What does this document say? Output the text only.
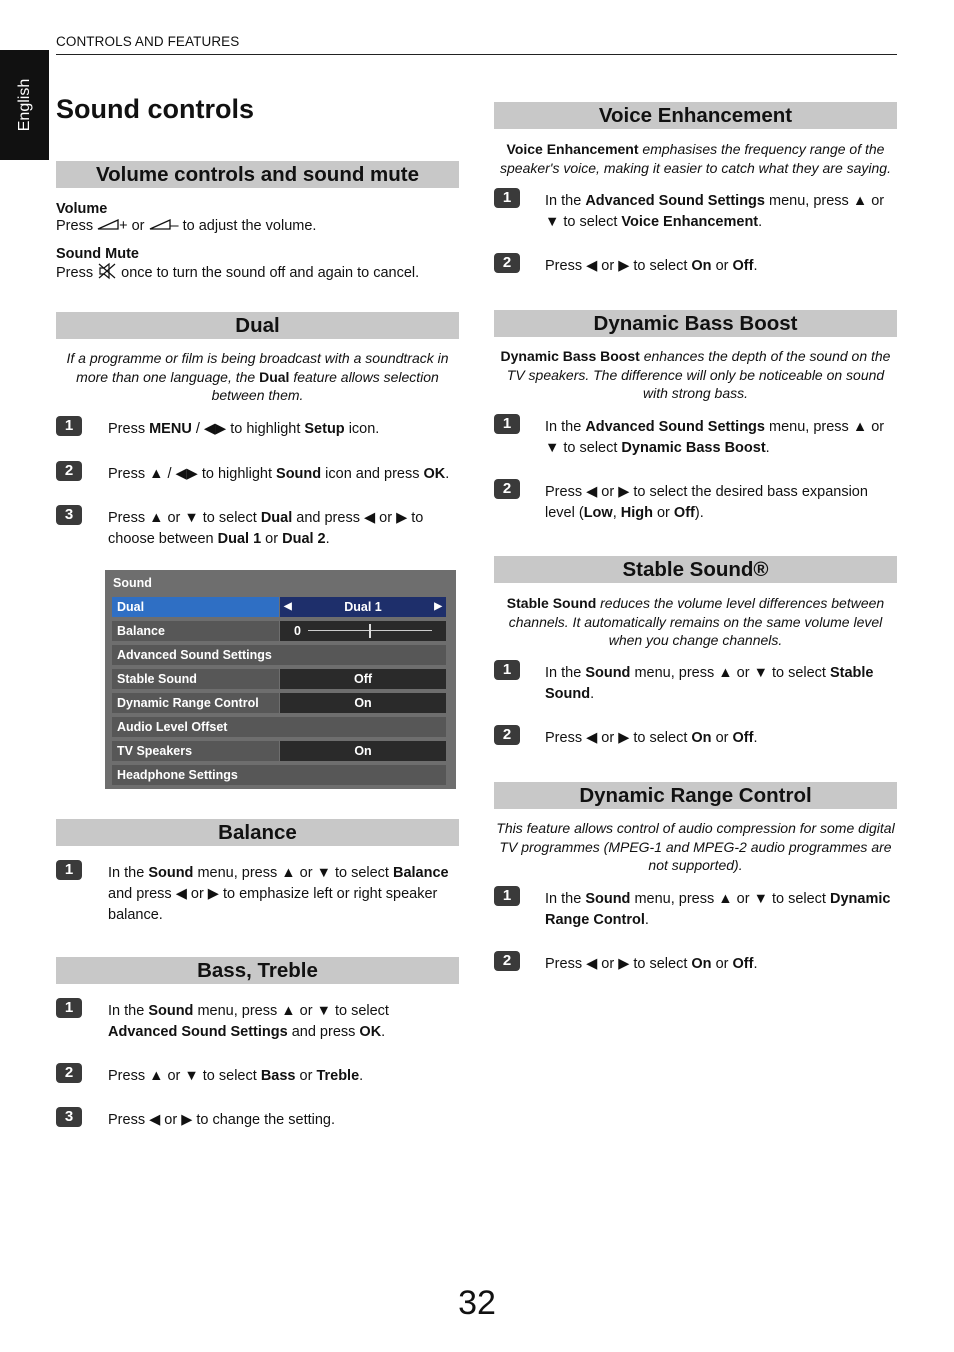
English
CONTROLS AND FEATURES
Sound controls
Volume controls and sound mute
Volume
Press + or – to adjust the volume.
Sound Mute
Press once to turn the sound off and again to cancel.
Dual
If a programme or film is being broadcast with a soundtrack in more than one language, the Dual feature allows selection between them.
1	Press MENU / ◀▶ to highlight Setup icon.
2	Press ▲ / ◀▶ to highlight Sound icon and press OK.
3	Press ▲ or ▼ to select Dual and press ◀ or ▶ to choose between Dual 1 or Dual 2.
Sound
Dual	◀	Dual 1	▶
Balance	0
Advanced Sound Settings
Stable Sound	Off
Dynamic Range Control	On
Audio Level Offset
TV Speakers	On
Headphone Settings
Balance
1	In the Sound menu, press ▲ or ▼ to select Balance and press ◀ or ▶ to emphasize left or right speaker balance.
Bass, Treble
1	In the Sound menu, press ▲ or ▼ to select Advanced Sound Settings and press OK.
2	Press ▲ or ▼ to select Bass or Treble.
3	Press ◀ or ▶ to change the setting.
Voice Enhancement
Voice Enhancement emphasises the frequency range of the speaker's voice, making it easier to catch what they are saying.
1	In the Advanced Sound Settings menu, press ▲ or ▼ to select Voice Enhancement.
2	Press ◀ or ▶ to select On or Off.
Dynamic Bass Boost
Dynamic Bass Boost enhances the depth of the sound on the TV speakers. The difference will only be noticeable on sound with strong bass.
1	In the Advanced Sound Settings menu, press ▲ or ▼ to select Dynamic Bass Boost.
2	Press ◀ or ▶ to select the desired bass expansion level (Low, High or Off).
Stable Sound®
Stable Sound reduces the volume level differences between channels. It automatically remains on the same volume level when you change channels.
1	In the Sound menu, press ▲ or ▼ to select Stable Sound.
2	Press ◀ or ▶ to select On or Off.
Dynamic Range Control
This feature allows control of audio compression for some digital TV programmes (MPEG-1 and MPEG-2 audio programmes are not supported).
1	In the Sound menu, press ▲ or ▼ to select Dynamic Range Control.
2	Press ◀ or ▶ to select On or Off.
32
